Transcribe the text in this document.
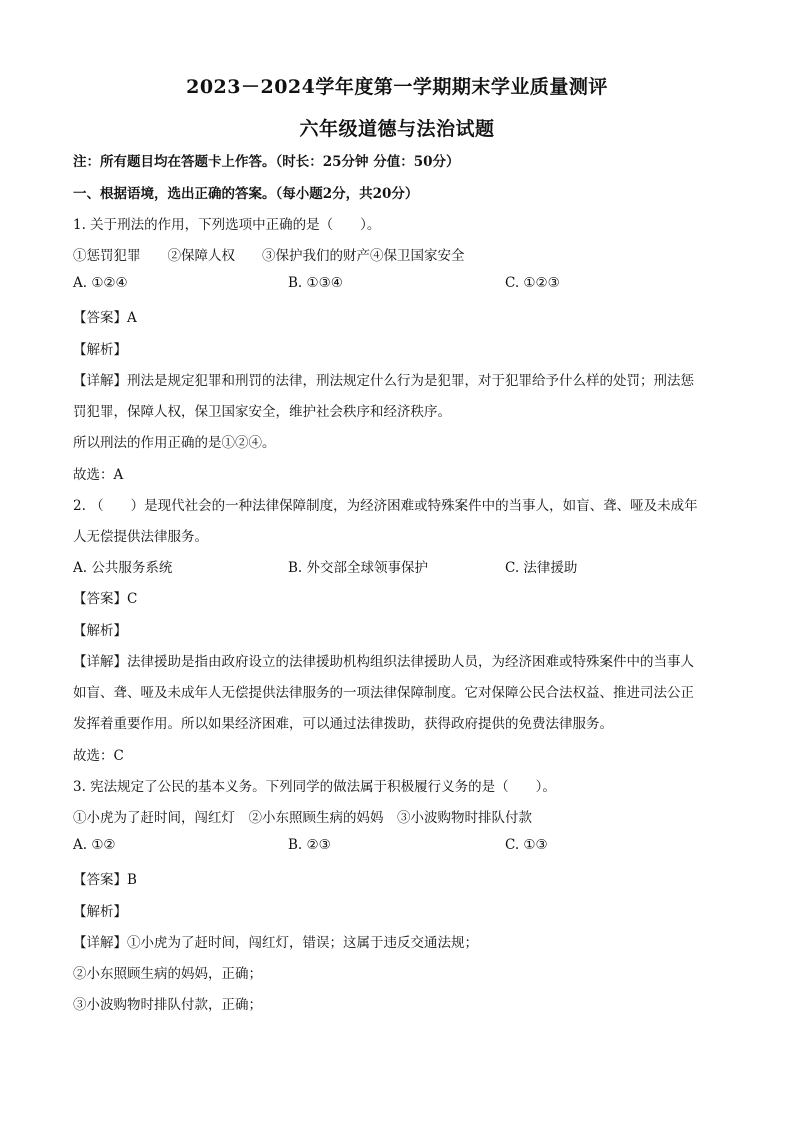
2023－2024学年度第一学期期末学业质量测评
六年级道德与法治试题
注：所有题目均在答题卡上作答。（时长：25分钟 分值：50分）
一、根据语境，选出正确的答案。（每小题2分，共20分）
1. 关于刑法的作用，下列选项中正确的是（　　）。
①惩罚犯罪　　②保障人权　　③保护我们的财产④保卫国家安全
A. ①②④	B. ①③④	C. ①②③
【答案】A
【解析】
【详解】刑法是规定犯罪和刑罚的法律，刑法规定什么行为是犯罪，对于犯罪给予什么样的处罚；刑法惩
罚犯罪，保障人权，保卫国家安全，维护社会秩序和经济秩序。
所以刑法的作用正确的是①②④。
故选：A
2. （　　）是现代社会的一种法律保障制度，为经济困难或特殊案件中的当事人，如盲、聋、哑及未成年
人无偿提供法律服务。
A. 公共服务系统	B. 外交部全球领事保护	C. 法律援助
【答案】C
【解析】
【详解】法律援助是指由政府设立的法律援助机构组织法律援助人员，为经济困难或特殊案件中的当事人
如盲、聋、哑及未成年人无偿提供法律服务的一项法律保障制度。它对保障公民合法权益、推进司法公正
发挥着重要作用。所以如果经济困难，可以通过法律拨助，获得政府提供的免费法律服务。
故选：C
3. 宪法规定了公民的基本义务。下列同学的做法属于积极履行义务的是（　　）。
①小虎为了赶时间，闯红灯　②小东照顾生病的妈妈　③小波购物时排队付款
A. ①②	B. ②③	C. ①③
【答案】B
【解析】
【详解】①小虎为了赶时间，闯红灯，错误；这属于违反交通法规；
②小东照顾生病的妈妈，正确；
③小波购物时排队付款，正确；
